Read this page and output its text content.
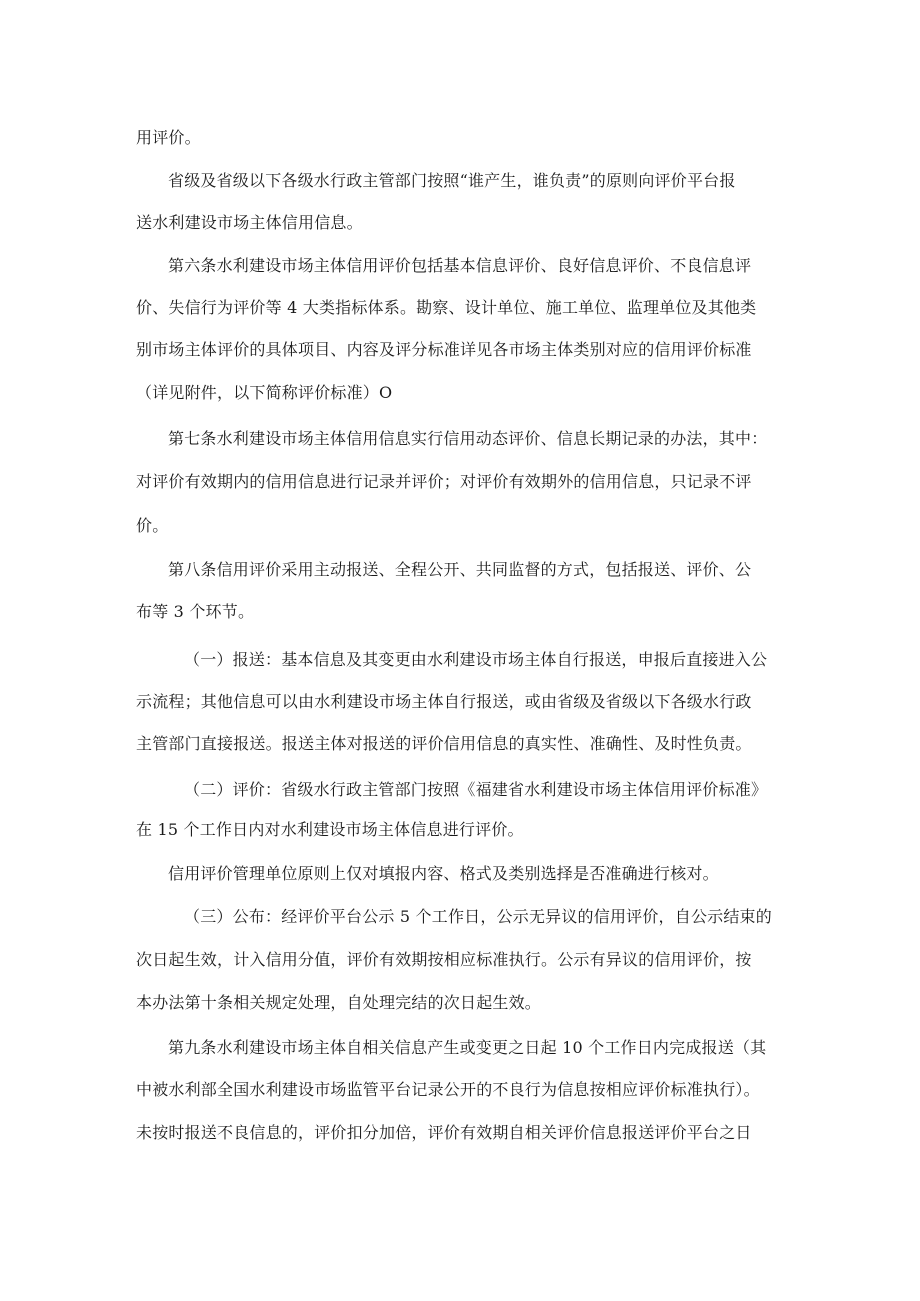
用评价。
省级及省级以下各级水行政主管部门按照“谁产生，谁负责”的原则向评价平台报
送水利建设市场主体信用信息。
第六条水利建设市场主体信用评价包括基本信息评价、良好信息评价、不良信息评
价、失信行为评价等 4 大类指标体系。勘察、设计单位、施工单位、监理单位及其他类
别市场主体评价的具体项目、内容及评分标准详见各市场主体类别对应的信用评价标准
（详见附件，以下简称评价标准）O
第七条水利建设市场主体信用信息实行信用动态评价、信息长期记录的办法，其中：
对评价有效期内的信用信息进行记录并评价；对评价有效期外的信用信息，只记录不评
价。
第八条信用评价采用主动报送、全程公开、共同监督的方式，包括报送、评价、公
布等 3 个环节。
（一）报送：基本信息及其变更由水利建设市场主体自行报送，申报后直接进入公
示流程；其他信息可以由水利建设市场主体自行报送，或由省级及省级以下各级水行政
主管部门直接报送。报送主体对报送的评价信用信息的真实性、准确性、及时性负责。
（二）评价：省级水行政主管部门按照《福建省水利建设市场主体信用评价标准》
在 15 个工作日内对水利建设市场主体信息进行评价。
信用评价管理单位原则上仅对填报内容、格式及类别选择是否准确进行核对。
（三）公布：经评价平台公示 5 个工作日，公示无异议的信用评价，自公示结束的
次日起生效，计入信用分值，评价有效期按相应标准执行。公示有异议的信用评价，按
本办法第十条相关规定处理，自处理完结的次日起生效。
第九条水利建设市场主体自相关信息产生或变更之日起 10 个工作日内完成报送（其
中被水利部全国水利建设市场监管平台记录公开的不良行为信息按相应评价标准执行）。
未按时报送不良信息的，评价扣分加倍，评价有效期自相关评价信息报送评价平台之日
